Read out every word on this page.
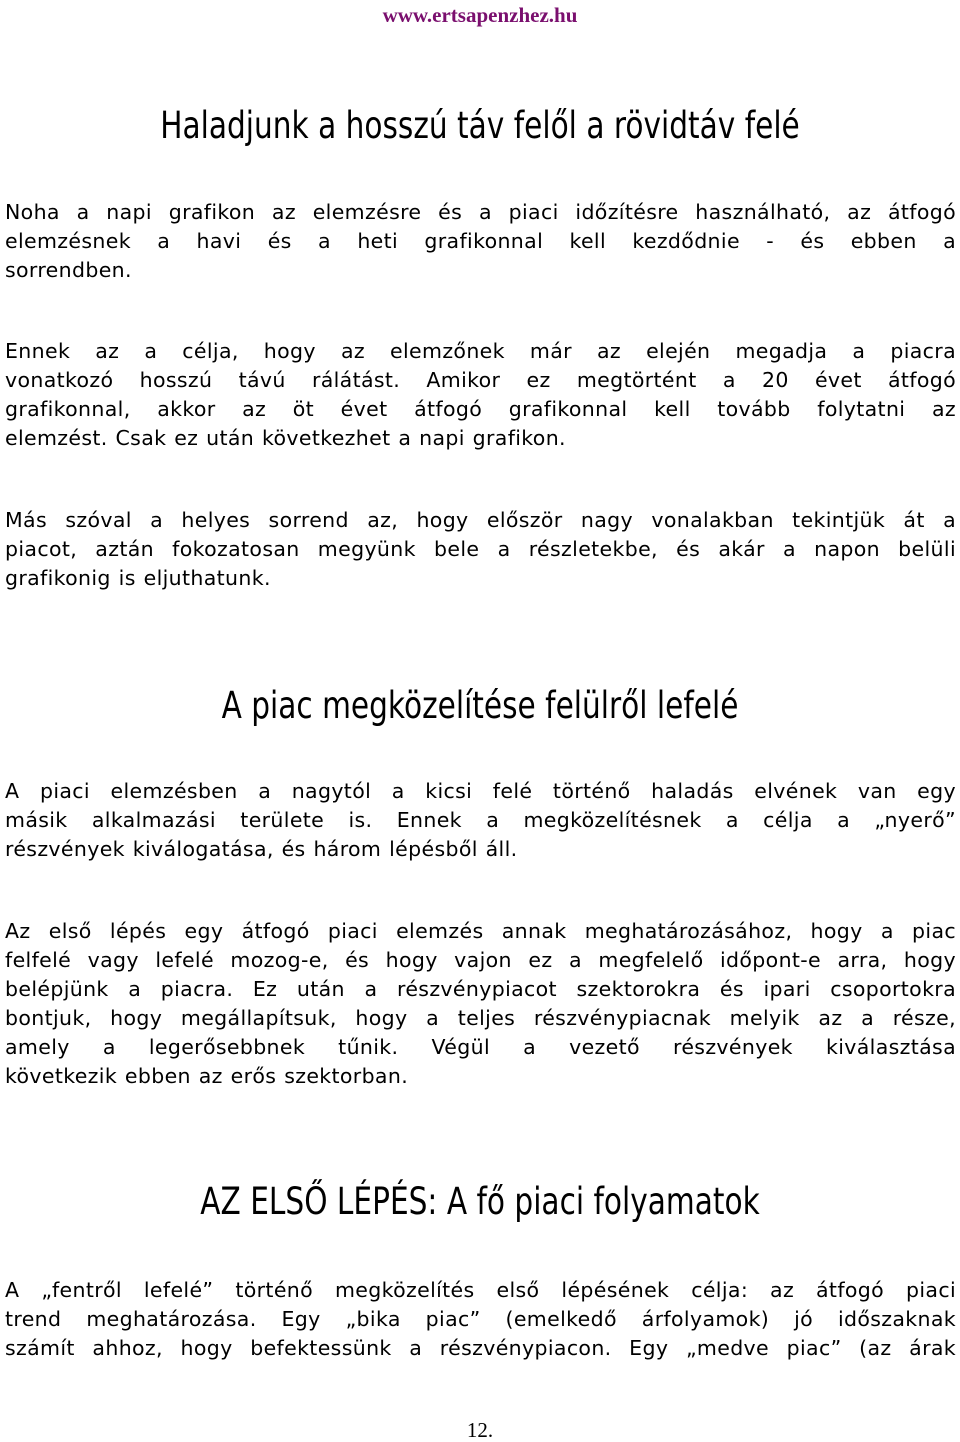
www.ertsapenzhez.hu
Haladjunk a hosszú táv felől a rövidtáv felé

Noha a napi grafikon az elemzésre és a piaci időzítésre használható, az átfogó
elemzésnek a havi és a heti grafikonnal kell kezdődnie - és ebben a
sorrendben.

Ennek az a célja, hogy az elemzőnek már az elején megadja a piacra
vonatkozó hosszú távú rálátást. Amikor ez megtörtént a 20 évet átfogó
grafikonnal, akkor az öt évet átfogó grafikonnal kell tovább folytatni az
elemzést. Csak ez után következhet a napi grafikon.

Más szóval a helyes sorrend az, hogy először nagy vonalakban tekintjük át a
piacot, aztán fokozatosan megyünk bele a részletekbe, és akár a napon belüli
grafikonig is eljuthatunk.

A piac megközelítése felülről lefelé

A piaci elemzésben a nagytól a kicsi felé történő haladás elvének van egy
másik alkalmazási területe is. Ennek a megközelítésnek a célja a „nyerő”
részvények kiválogatása, és három lépésből áll.

Az első lépés egy átfogó piaci elemzés annak meghatározásához, hogy a piac
felfelé vagy lefelé mozog-e, és hogy vajon ez a megfelelő időpont-e arra, hogy
belépjünk a piacra. Ez után a részvénypiacot szektorokra és ipari csoportokra
bontjuk, hogy megállapítsuk, hogy a teljes részvénypiacnak melyik az a része,
amely a legerősebbnek tűnik. Végül a vezető részvények kiválasztása
következik ebben az erős szektorban.

AZ ELSŐ LÉPÉS: A fő piaci folyamatok

A „fentről lefelé” történő megközelítés első lépésének célja: az átfogó piaci
trend meghatározása. Egy „bika piac” (emelkedő árfolyamok) jó időszaknak
számít ahhoz, hogy befektessünk a részvénypiacon. Egy „medve piac” (az árak

12.
